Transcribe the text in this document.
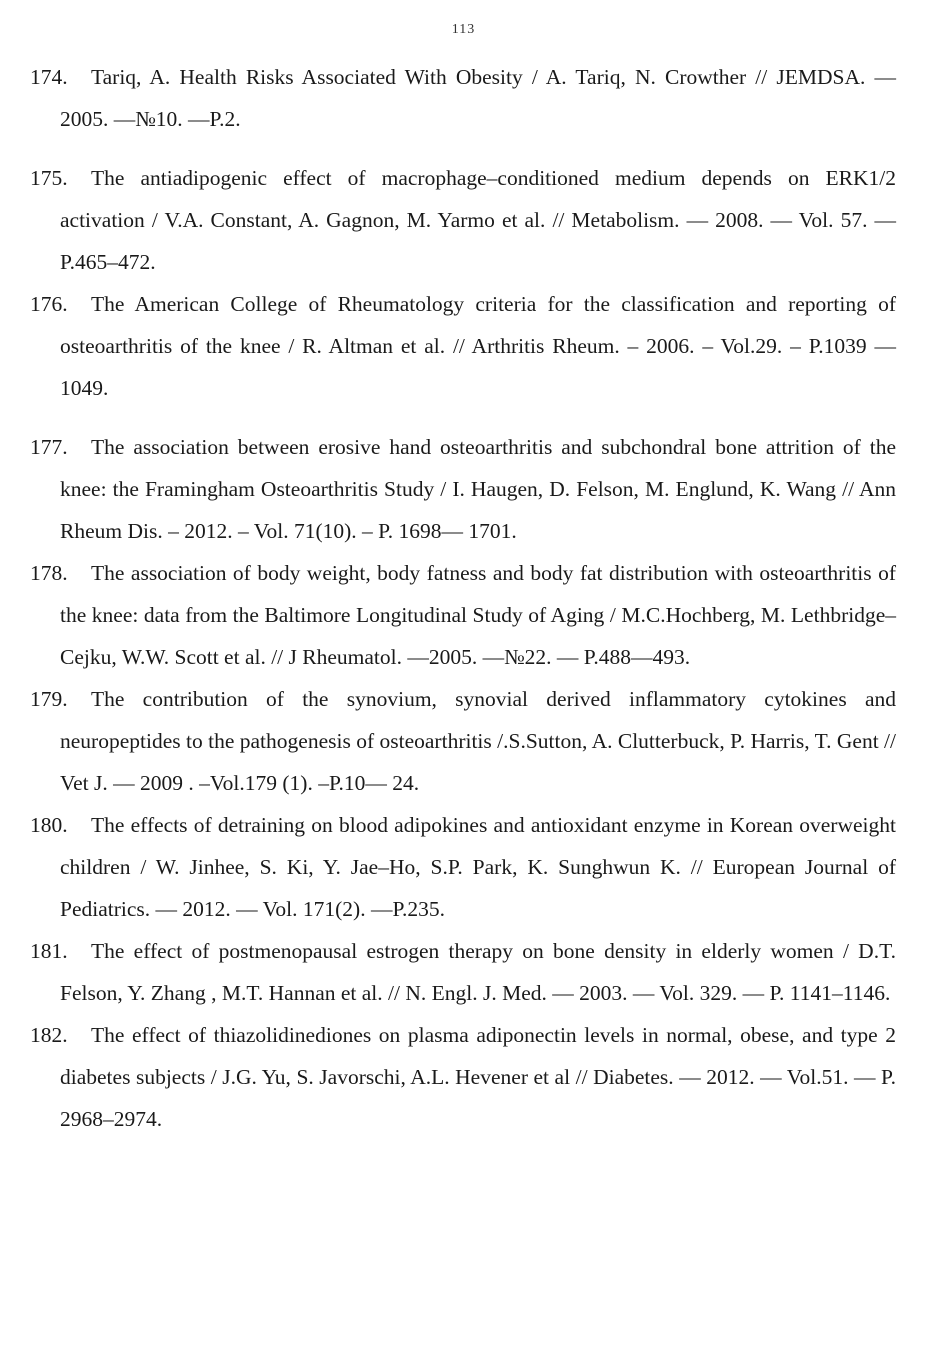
113
174. Tariq, A. Health Risks Associated With Obesity / A. Tariq, N. Crowther // JEMDSA. — 2005. —№10. —P.2.
175. The antiadipogenic effect of macrophage–conditioned medium depends on ERK1/2 activation / V.A. Constant, A. Gagnon, M. Yarmo et al. // Metabolism. — 2008. — Vol. 57. — P.465–472.
176. The American College of Rheumatology criteria for the classification and reporting of osteoarthritis of the knee / R. Altman et al. // Arthritis Rheum. – 2006. – Vol.29. – P.1039 — 1049.
177. The association between erosive hand osteoarthritis and subchondral bone attrition of the knee: the Framingham Osteoarthritis Study / I. Haugen, D. Felson, M. Englund, K. Wang // Ann Rheum Dis. – 2012. – Vol. 71(10). – P. 1698— 1701.
178. The association of body weight, body fatness and body fat distribution with osteoarthritis of the knee: data from the Baltimore Longitudinal Study of Aging / M.C.Hochberg, M. Lethbridge–Cejku, W.W. Scott et al. // J Rheumatol. —2005. —№22. — P.488—493.
179. The contribution of the synovium, synovial derived inflammatory cytokines and neuropeptides to the pathogenesis of osteoarthritis /.S.Sutton, A. Clutterbuck, P. Harris, T. Gent // Vet J. — 2009 . –Vol.179 (1). –P.10— 24.
180. The effects of detraining on blood adipokines and antioxidant enzyme in Korean overweight children / W. Jinhee, S. Ki, Y. Jae–Ho, S.P. Park, K. Sunghwun K. // European Journal of Pediatrics. — 2012. — Vol. 171(2). —P.235.
181. The effect of postmenopausal estrogen therapy on bone density in elderly women / D.T. Felson, Y. Zhang , M.T. Hannan et al. // N. Engl. J. Med. — 2003. — Vol. 329. — P. 1141–1146.
182. The effect of thiazolidinediones on plasma adiponectin levels in normal, obese, and type 2 diabetes subjects / J.G. Yu, S. Javorschi, A.L. Hevener et al // Diabetes. — 2012. — Vol.51. — P. 2968–2974.
